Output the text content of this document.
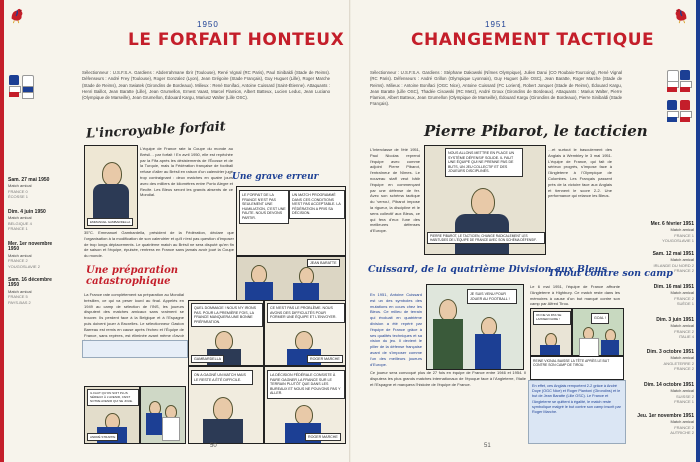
1950
LE FORFAIT HONTEUX
Sélectionneur : U.S.F.S.A. Gardiens : Abderrahmane Ibrir (Toulouse), René Vignal (RC Paris), Paul Sinibaldi (Stade de Reims). Défenseurs : André Frey (Toulouse), Roger Gonzalez (Lyon), Jean Grégoire (Stade Français), Guy Huguet (Lille), Roger Marche (Stade de Reims), Jean Swiatek (Girondins de Bordeaux). Milieux : René Bonifaci, Antoine Cuissard (Saint-Étienne). Attaquants : Henri Baillot, Jean Baratte (Lille), Jean Grumellon, Ernest Vaast, Marcel Flamion, Albert Batteux, Lucien Leduc, Jean Luciano (Olympique de Marseille), Jean Grumellon, Édouard Kargu, Mariusz Walter (Lille OSC).
Sam. 27 mai 1950
Match amical
FRANCE 0
ÉCOSSE 1
Dim. 4 juin 1950
Match amical
BELGIQUE 4
FRANCE 1
Mer. 1er novembre 1950
Match amical
FRANCE 2
YOUGOSLAVIE 2
Sam. 16 décembre 1950
Match amical
FRANCE 5
PAYS-BAS 2
L'incroyable forfait
EMMANUEL GAMBARDELLA
L'équipe de France rate la Coupe du monde au Brésil… par forfait ! En avril 1950, elle est repêchée par la Fifa après les désistements de l'Écosse et de la Turquie, mais la Fédération française de football refuse d'aller au Brésil en raison d'un calendrier jugé trop contraignant : deux matches en quatre jours avec des milliers de kilomètres entre Porto Alegre et Recife. Les Bleus seront les grands absents de ce Mondial.
35°C. Emmanuel Gambardella, président de la Fédération, déclare que l'organisation à la modification de son calendrier et qu'il n'est pas question d'imposer de trop longs déplacements. Le quatrième match au Brésil ne sera disputé qu'en fin de saison et l'équipe, épuisée, rentrera en France sans jamais avoir joué la Coupe du monde.
Une grave erreur
LE FORFAIT DE LA FRANCE N'EST PAS SEULEMENT UNE HUMILIATION, C'EST UNE FAUTE. NOUS DEVONS PARTIR.
UN MATCH PROGRAMMÉ DANS CES CONDITIONS N'EST PAS ACCEPTABLE. LA FÉDÉRATION A PRIS SA DÉCISION.
JEAN BARATTE
Une préparation catastrophique
La France rate complètement sa préparation au Mondial brésilien, ce qui va peser lourd au final. Appelés en 1949 au camp de sélection de l'INS, les joueurs disputent des matches amicaux sans vraiment se trouver. Ils perdent face à la Belgique et à l'Espagne puis doivent jouer à Bruxelles. Le sélectionneur Gaston Barreau est remis en cause après l'échec et l'Équipe de France, sans repères, est éliminée avant même d'avoir
IL FAUT QU'ON SOIT PLUS SÉRIEUX À L'AVENIR, C'EST NOTRE AVENIR QUI SE JOUE.
ANDRÉ STRAPPE
QUEL DOMMAGE ! NOUS N'Y IRONS PAS. POUR LA PREMIÈRE FOIS, LA FRANCE MANQUERA UNE BONNE PRÉPARATION.
GAMBARDELLA
CE N'EST PAS LE PROBLÈME. NOUS AVONS DES DIFFICULTÉS POUR FORMER UNE ÉQUIPE ET L'ENVOYER.
ROGER MARCHE
ON A GAGNÉ UN MATCH MAIS LE RESTE A ÉTÉ DIFFICILE.
LA DÉCISION FÉDÉRALE CONSISTE À FAIRE GAGNER LA FRANCE SUR LE TERRAIN PLUTÔT QUE DANS LES BUREAUX ET NOUS NE POUVONS PAS Y ALLER.
ROGER MARCHE
50
1951
CHANGEMENT TACTIQUE
Sélectionneur : U.S.F.S.A. Gardiens : Stéphane Dakowski (Nîmes Olympique), Julien Darui (CO Roubaix-Tourcoing), René Vignal (RC Paris). Défenseurs : André Grillon (Olympique Lyonnais), Guy Huguet (Lille OSC), Jean Baratte, Roger Marche (Stade de Reims). Milieux : Antoine Bonifaci (OGC Nice), Antoine Cuissard (FC Lorient), Robert Jonquet (Stade de Reims), Édouard Kargu, Jean Baratte (Lille OSC), Thadée Cisowski (RC Metz), André Groux (Girondins de Bordeaux). Attaquants : Marius Walter, Pierre Flamion, Albert Batteux, Jean Grumellon (Olympique de Marseille), Édouard Kargu (Girondins de Bordeaux), Pierre Sinibaldi (Stade Français).
Pierre Pibarot, le tacticien
L'Interclasse de l'été 1951, Paul Nicolas reprend l'équipe avec comme adjoint Pierre Pibarot, l'entraîneur de Nîmes. Le nouveau staff veut bâtir l'équipe en commençant par une défense de fer. Avec son schéma tactique du 'verrou', Pibarot impose la rigueur, la discipline et le sens collectif aux Bleus, ce qui fera d'eux l'une des meilleures défenses d'Europe.
NOUS ALLONS METTRE EN PLACE UN SYSTÈME DÉFENSIF SOLIDE. IL FAUT UNE ÉQUIPE QUI NE PRENNE PAS DE BUTS, UN JEU COLLECTIF ET DES JOUEURS DISCIPLINÉS.
PIERRE PIBAROT, LE TACTICIEN, CHANGE RADICALEMENT LES HABITUDES DE L'ÉQUIPE DE FRANCE AVEC SON SCHÉMA DÉFENSIF.
…et surtout le basculement des Anglais à Wembley le 3 mai 1951. L'équipe de France, qui fait de sérieux progrès, s'impose face à l'Angleterre à l'Olympique de Colombes. Les Français passent près de la victoire face aux Anglais et tiennent le score 2-2. Une performance qui relance les Bleus.
Cuissard, de la quatrième Division aux Bleus
En 1951, Antoine Cuissard est un des symboles des mutations en cours chez les Bleus. Ce milieu de terrain qui évoluait en quatrième division a été repéré par l'équipe de France grâce à ses qualités techniques et sa vision du jeu. Il devient le pilier de la défense française avant de s'imposer comme l'un des meilleurs joueurs d'Europe.
JE SUIS VENU POUR JOUER AU FOOTBALL !
Ce joueur sera convoqué plus de 27 fois en équipe de France entre 1946 et 1954. Il disputera les plus grands matches internationaux de l'époque face à l'Angleterre, l'Italie et l'Espagne et marquera l'histoire de l'équipe de France.
Tirout contre son camp
Le 6 mai 1951, l'équipe de France affronte l'Angleterre à Highbury. Ce match reste dans les mémoires à cause d'un but marqué contre son camp par Alfred Tirou.
ON NE VA PAS SE LAISSER FAIRE !	GOAL !
REINE VIGNAL BAISSE LA TÊTE APRÈS LE BUT CONTRE SON CAMP DE TIROU.
En effet, ces Anglais remportent 2-2 grâce à André Doye (OGC Nice) et Roger Piantoni (Girondins) et le but de Jean Baratte (Lille OSC). Le France et l'Angleterre se quittent à égalité, le match reste symbolique malgré le but contre son camp inscrit par Roger Marche.
Mer. 6 février 1951
Match amical
FRANCE 1
YOUGOSLAVIE 1
Sam. 12 mai 1951
Match amical
IRLANDE DU NORD 2
FRANCE 2
Dim. 16 mai 1951
Match amical
FRANCE 2
SUÈDE 1
Dim. 3 juin 1951
Match amical
FRANCE 2
ITALIE 4
Dim. 3 octobre 1951
Match amical
ANGLETERRE 2
FRANCE 2
Dim. 14 octobre 1951
Match amical
SUISSE 2
FRANCE 1
Jeu. 1er novembre 1951
Match amical
FRANCE 2
AUTRICHE 2
51
